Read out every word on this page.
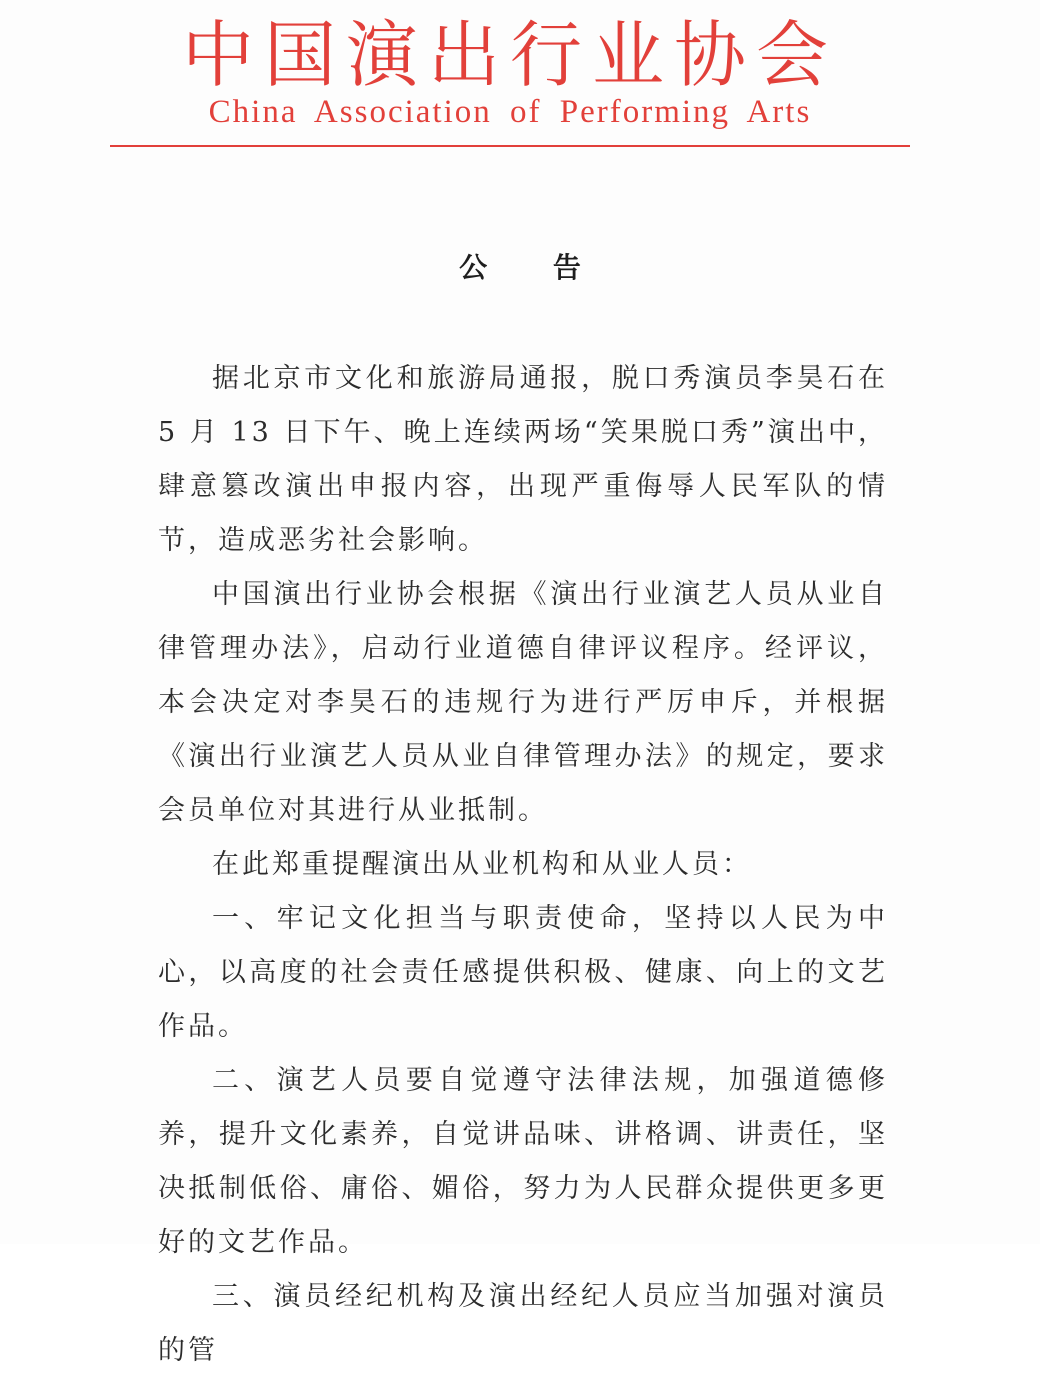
中国演出行业协会
China Association of Performing Arts
公 告

据北京市文化和旅游局通报，脱口秀演员李昊石在 5 月 13 日下午、晚上连续两场“笑果脱口秀”演出中，肆意篡改演出申报内容，出现严重侮辱人民军队的情节，造成恶劣社会影响。

中国演出行业协会根据《演出行业演艺人员从业自律管理办法》，启动行业道德自律评议程序。经评议，本会决定对李昊石的违规行为进行严厉申斥，并根据《演出行业演艺人员从业自律管理办法》的规定，要求会员单位对其进行从业抵制。

在此郑重提醒演出从业机构和从业人员：

一、牢记文化担当与职责使命，坚持以人民为中心，以高度的社会责任感提供积极、健康、向上的文艺作品。

二、演艺人员要自觉遵守法律法规，加强道德修养，提升文化素养，自觉讲品味、讲格调、讲责任，坚决抵制低俗、庸俗、媚俗，努力为人民群众提供更多更好的文艺作品。

三、演员经纪机构及演出经纪人员应当加强对演员的管
